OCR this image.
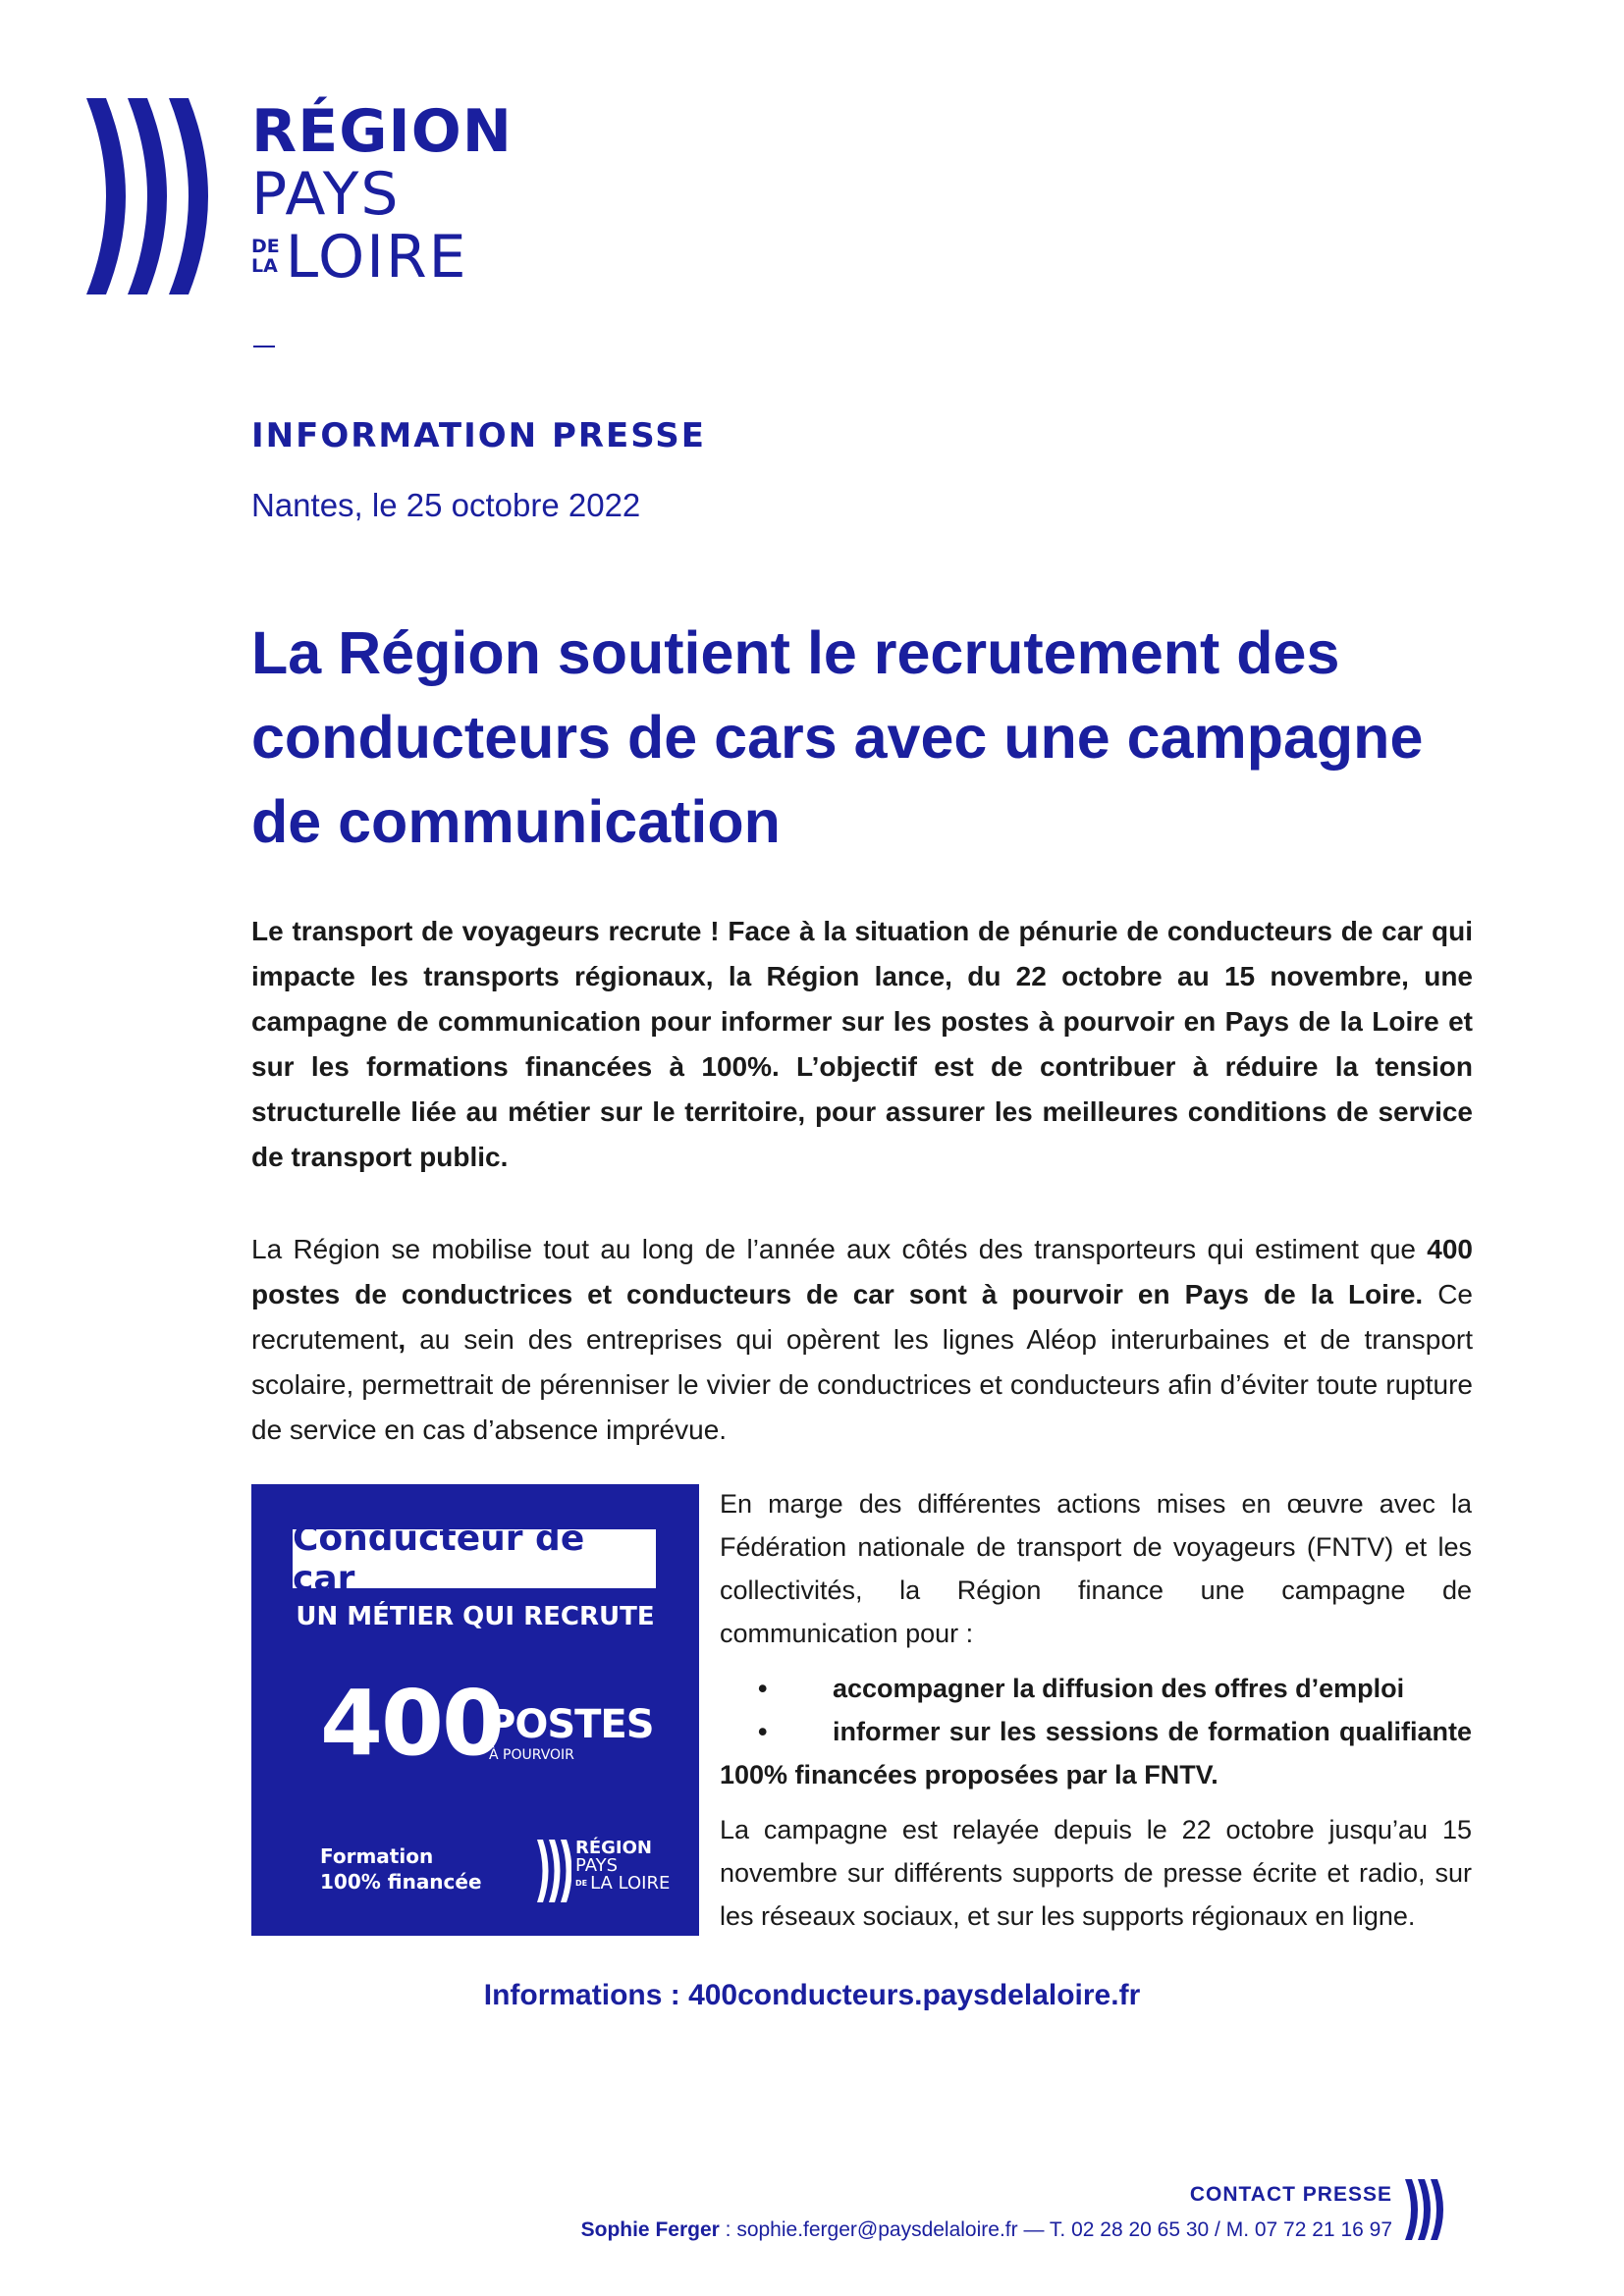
RÉGION
PAYS
DE
LA LOIRE
INFORMATION PRESSE
Nantes, le 25 octobre 2022
La Région soutient le recrutement des conducteurs de cars avec une campagne de communication

Le transport de voyageurs recrute ! Face à la situation de pénurie de conducteurs de car qui impacte les transports régionaux, la Région lance, du 22 octobre au 15 novembre, une campagne de communication pour informer sur les postes à pourvoir en Pays de la Loire et sur les formations financées à 100%. L’objectif est de contribuer à réduire la tension structurelle liée au métier sur le territoire, pour assurer les meilleures conditions de service de transport public.

La Région se mobilise tout au long de l’année aux côtés des transporteurs qui estiment que 400 postes de conductrices et conducteurs de car sont à pourvoir en Pays de la Loire. Ce recrutement, au sein des entreprises qui opèrent les lignes Aléop interurbaines et de transport scolaire, permettrait de pérenniser le vivier de conductrices et conducteurs afin d’éviter toute rupture de service en cas d’absence imprévue.

Conducteur de car
UN MÉTIER QUI RECRUTE
400
POSTES
À POURVOIR
Formation
100% financée
RÉGION
PAYS
DE LA LOIRE

En marge des différentes actions mises en œuvre avec la Fédération nationale de transport de voyageurs (FNTV) et les collectivités, la Région finance une campagne de communication pour :

• accompagner la diffusion des offres d’emploi
• informer sur les sessions de formation qualifiante 100% financées proposées par la FNTV.

La campagne est relayée depuis le 22 octobre jusqu’au 15 novembre sur différents supports de presse écrite et radio, sur les réseaux sociaux, et sur les supports régionaux en ligne.

Informations : 400conducteurs.paysdelaloire.fr
CONTACT PRESSE
Sophie Ferger : sophie.ferger@paysdelaloire.fr — T. 02 28 20 65 30 / M. 07 72 21 16 97
